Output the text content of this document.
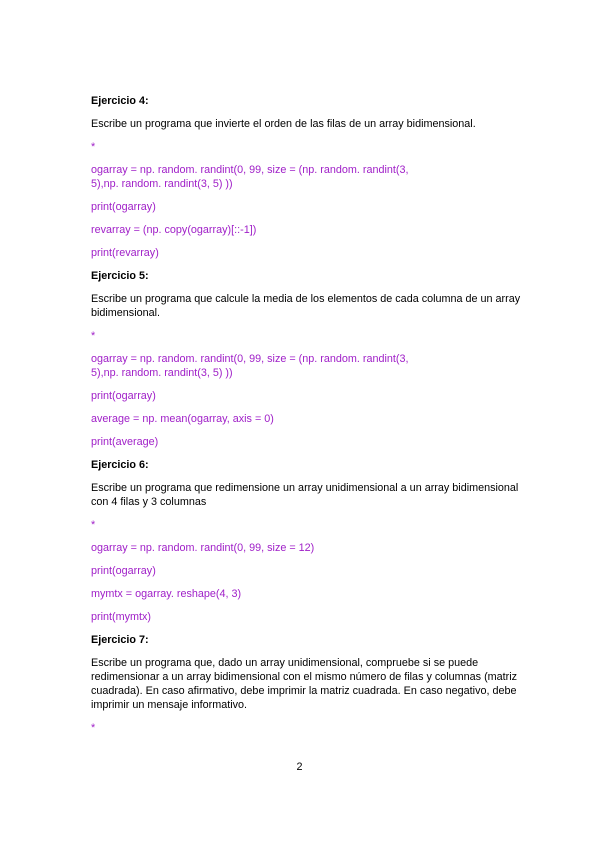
Ejercicio 4:

Escribe un programa que invierte el orden de las filas de un array bidimensional.

*

ogarray = np. random. randint(0, 99, size = (np. random. randint(3,
5),np. random. randint(3, 5) ))

print(ogarray)

revarray = (np. copy(ogarray)[::-1])

print(revarray)

Ejercicio 5:

Escribe un programa que calcule la media de los elementos de cada columna de un array bidimensional.

*

ogarray = np. random. randint(0, 99, size = (np. random. randint(3,
5),np. random. randint(3, 5) ))

print(ogarray)

average = np. mean(ogarray, axis = 0)

print(average)

Ejercicio 6:

Escribe un programa que redimensione un array unidimensional a un array bidimensional con 4 filas y 3 columnas

*

ogarray = np. random. randint(0, 99, size = 12)

print(ogarray)

mymtx = ogarray. reshape(4, 3)

print(mymtx)

Ejercicio 7:

Escribe un programa que, dado un array unidimensional, compruebe si se puede redimensionar a un array bidimensional con el mismo número de filas y columnas (matriz cuadrada). En caso afirmativo, debe imprimir la matriz cuadrada. En caso negativo, debe imprimir un mensaje informativo.

*

2
